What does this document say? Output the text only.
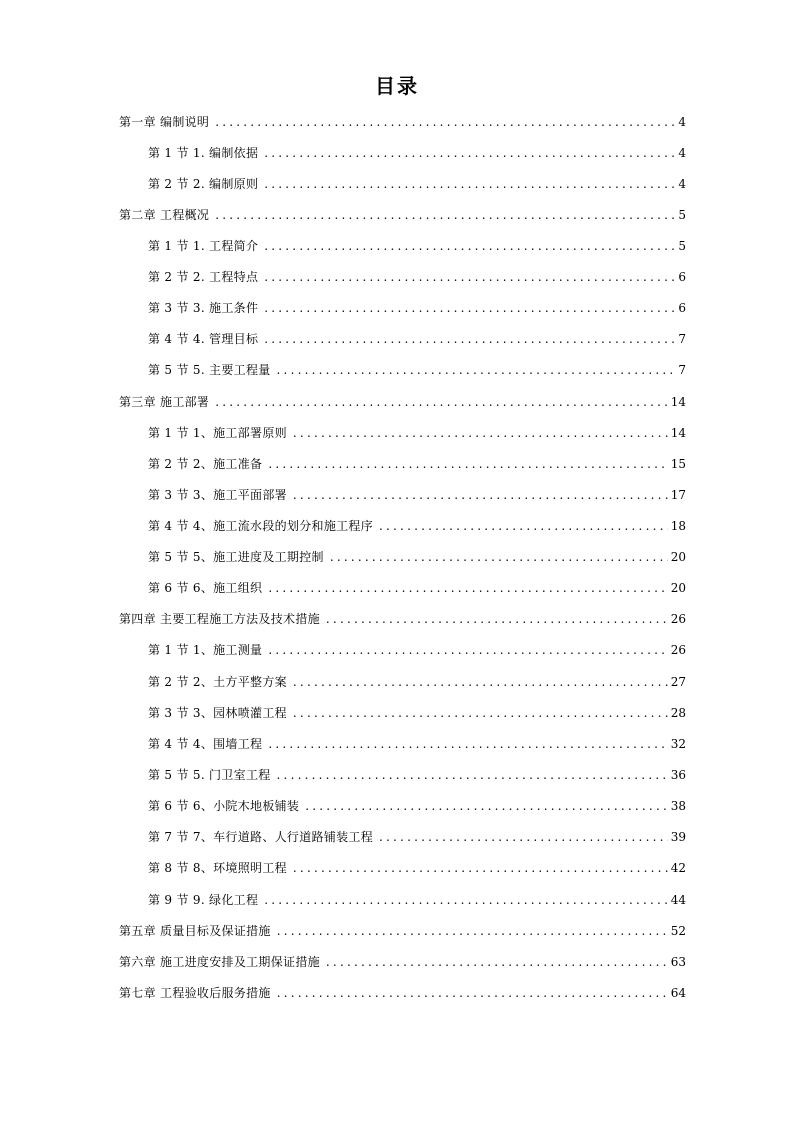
目录
第一章 编制说明 .....	4
第 1 节 1. 编制依据 .....	4
第 2 节 2. 编制原则 .....	4
第二章 工程概况 .....	5
第 1 节 1. 工程简介 .....	5
第 2 节 2. 工程特点 .....	6
第 3 节 3. 施工条件 .....	6
第 4 节 4. 管理目标 .....	7
第 5 节 5. 主要工程量 .....	7
第三章 施工部署 .....	14
第 1 节 1、施工部署原则 .....	14
第 2 节 2、施工准备 .....	15
第 3 节 3、施工平面部署 .....	17
第 4 节 4、施工流水段的划分和施工程序 .....	18
第 5 节 5、施工进度及工期控制 .....	20
第 6 节 6、施工组织 .....	20
第四章 主要工程施工方法及技术措施 .....	26
第 1 节 1、施工测量 .....	26
第 2 节 2、土方平整方案 .....	27
第 3 节 3、园林喷灌工程 .....	28
第 4 节 4、围墙工程 .....	32
第 5 节 5. 门卫室工程 .....	36
第 6 节 6、小院木地板铺装 .....	38
第 7 节 7、车行道路、人行道路铺装工程 .....	39
第 8 节 8、环境照明工程 .....	42
第 9 节 9. 绿化工程 .....	44
第五章 质量目标及保证措施 .....	52
第六章 施工进度安排及工期保证措施 .....	63
第七章 工程验收后服务措施 .....	64
